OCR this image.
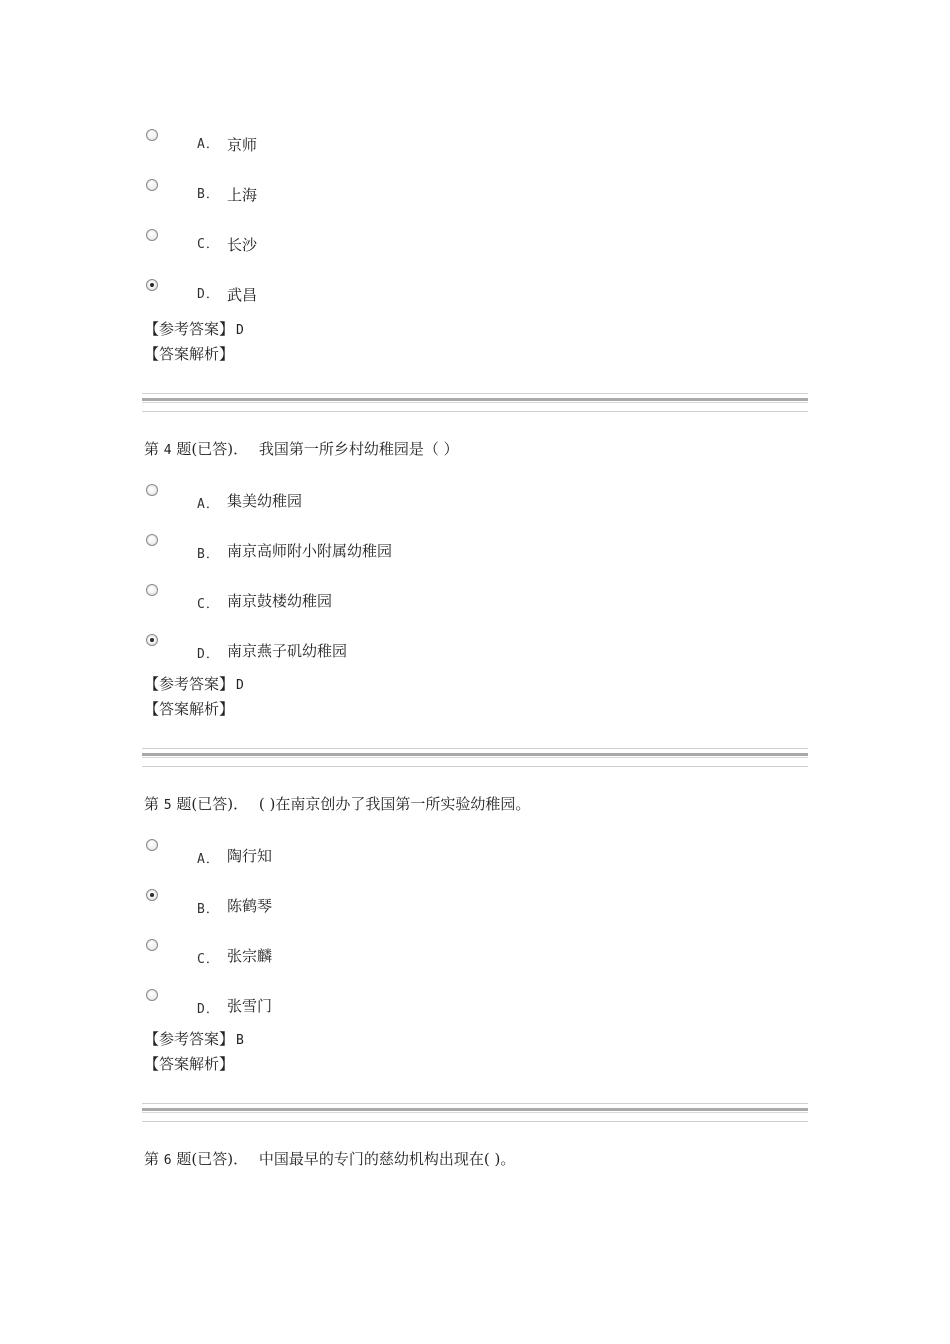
A． 京师
B． 上海
C． 长沙
D． 武昌
【参考答案】 D
【答案解析】
第 4 题(已答)． 我国第一所乡村幼稚园是（ ）
A． 集美幼稚园
B． 南京高师附小附属幼稚园
C． 南京鼓楼幼稚园
D． 南京燕子矶幼稚园
【参考答案】 D
【答案解析】
第 5 题(已答)． ( )在南京创办了我国第一所实验幼稚园。
A． 陶行知
B． 陈鹤琴
C． 张宗麟
D． 张雪门
【参考答案】 B
【答案解析】
第 6 题(已答)． 中国最早的专门的慈幼机构出现在( )。
